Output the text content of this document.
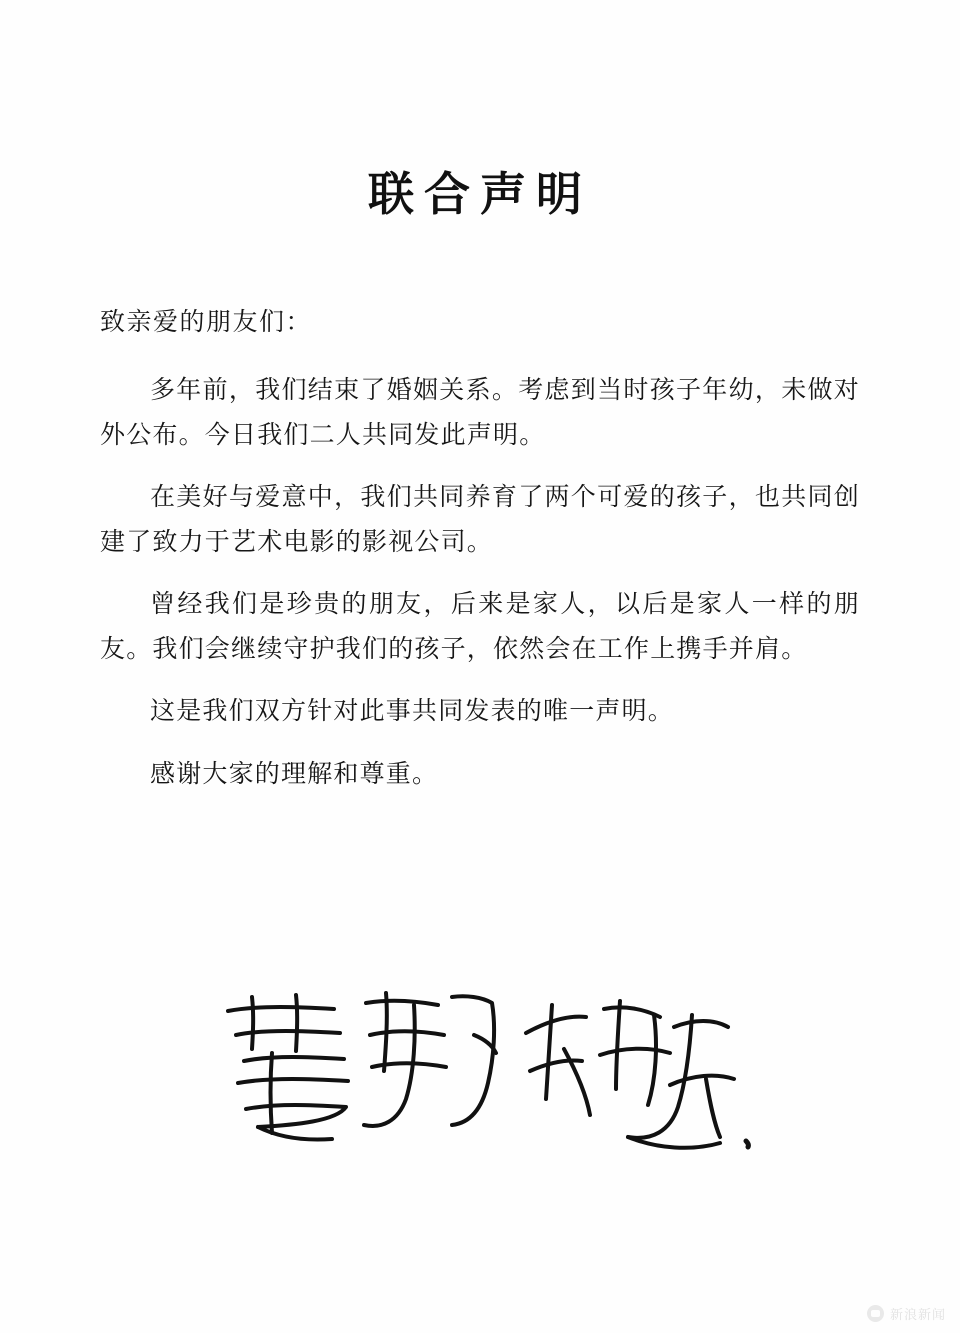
联合声明

致亲爱的朋友们：

多年前，我们结束了婚姻关系。考虑到当时孩子年幼，未做对外公布。今日我们二人共同发此声明。

在美好与爱意中，我们共同养育了两个可爱的孩子，也共同创建了致力于艺术电影的影视公司。

曾经我们是珍贵的朋友，后来是家人，以后是家人一样的朋友。我们会继续守护我们的孩子，依然会在工作上携手并肩。

这是我们双方针对此事共同发表的唯一声明。

感谢大家的理解和尊重。

新浪新闻
